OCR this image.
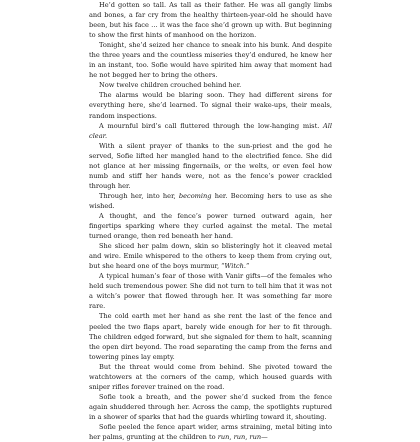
He’d gotten so tall. As tall as their father. He was all gangly limbs and bones, a far cry from the healthy thirteen-year-old he should have been, but his face … it was the face she’d grown up with. But beginning to show the first hints of manhood on the horizon.

Tonight, she’d seized her chance to sneak into his bunk. And despite the three years and the countless miseries they’d endured, he knew her in an instant, too. Sofie would have spirited him away that moment had he not begged her to bring the others.

Now twelve children crouched behind her.

The alarms would be blaring soon. They had different sirens for everything here, she’d learned. To signal their wake-ups, their meals, random inspections.

A mournful bird’s call fluttered through the low-hanging mist. All clear.

With a silent prayer of thanks to the sun-priest and the god he served, Sofie lifted her mangled hand to the electrified fence. She did not glance at her missing fingernails, or the welts, or even feel how numb and stiff her hands were, not as the fence’s power crackled through her.

Through her, into her, becoming her. Becoming hers to use as she wished.

A thought, and the fence’s power turned outward again, her fingertips sparking where they curled against the metal. The metal turned orange, then red beneath her hand.

She sliced her palm down, skin so blisteringly hot it cleaved metal and wire. Emile whispered to the others to keep them from crying out, but she heard one of the boys murmur, “Witch.”

A typical human’s fear of those with Vanir gifts—of the females who held such tremendous power. She did not turn to tell him that it was not a witch’s power that flowed through her. It was something far more rare.

The cold earth met her hand as she rent the last of the fence and peeled the two flaps apart, barely wide enough for her to fit through. The children edged forward, but she signaled for them to halt, scanning the open dirt beyond. The road separating the camp from the ferns and towering pines lay empty.

But the threat would come from behind. She pivoted toward the watchtowers at the corners of the camp, which housed guards with sniper rifles forever trained on the road.

Sofie took a breath, and the power she’d sucked from the fence again shuddered through her. Across the camp, the spotlights ruptured in a shower of sparks that had the guards whirling toward it, shouting.

Sofie peeled the fence apart wider, arms straining, metal biting into her palms, grunting at the children to run, run, run—
